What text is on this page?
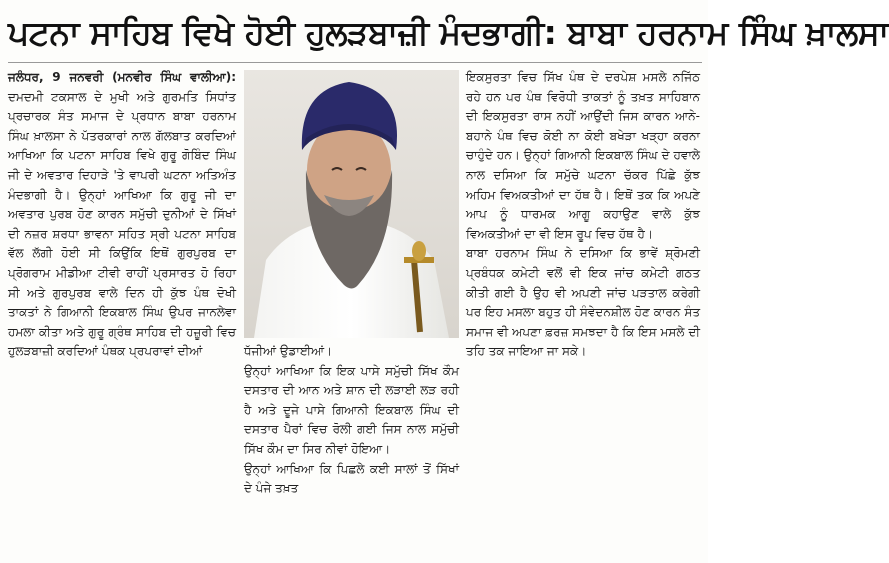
ਪਟਨਾ ਸਾਹਿਬ ਵਿਖੇ ਹੋਈ ਹੁਲੜਬਾਜ਼ੀ ਮੰਦਭਾਗੀ: ਬਾਬਾ ਹਰਨਾਮ ਸਿੰਘ ਖ਼ਾਲਸਾ

ਜਲੰਧਰ, 9 ਜਨਵਰੀ (ਮਨਵੀਰ ਸਿੰਘ ਵਾਲੀਆ): ਦਮਦਮੀ ਟਕਸਾਲ ਦੇ ਮੁਖੀ ਅਤੇ ਗੁਰਮਤਿ ਸਿਧਾਂਤ ਪ੍ਰਚਾਰਕ ਸੰਤ ਸਮਾਜ ਦੇ ਪ੍ਰਧਾਨ ਬਾਬਾ ਹਰਨਾਮ ਸਿੰਘ ਖ਼ਾਲਸਾ ਨੇ ਪੱਤਰਕਾਰਾਂ ਨਾਲ ਗੱਲਬਾਤ ਕਰਦਿਆਂ ਆਖਿਆ ਕਿ ਪਟਨਾ ਸਾਹਿਬ ਵਿਖੇ ਗੁਰੂ ਗੋਬਿੰਦ ਸਿੰਘ ਜੀ ਦੇ ਅਵਤਾਰ ਦਿਹਾੜੇ 'ਤੇ ਵਾਪਰੀ ਘਟਨਾ ਅਤਿਅੰਤ ਮੰਦਭਾਗੀ ਹੈ। ਉਨ੍ਹਾਂ ਆਖਿਆ ਕਿ ਗੁਰੂ ਜੀ ਦਾ ਅਵਤਾਰ ਪੁਰਬ ਹੋਣ ਕਾਰਨ ਸਮੁੱਚੀ ਦੁਨੀਆਂ ਦੇ ਸਿੱਖਾਂ ਦੀ ਨਜ਼ਰ ਸ਼ਰਧਾ ਭਾਵਨਾ ਸਹਿਤ ਸ੍ਰੀ ਪਟਨਾ ਸਾਹਿਬ ਵੱਲ ਲੱਗੀ ਹੋਈ ਸੀ ਕਿਉਂਕਿ ਇਥੋਂ ਗੁਰਪੁਰਬ ਦਾ ਪ੍ਰੋਗਰਾਮ ਮੀਡੀਆ ਟੀਵੀ ਰਾਹੀਂ ਪ੍ਰਸਾਰਤ ਹੋ ਰਿਹਾ ਸੀ ਅਤੇ ਗੁਰਪੁਰਬ ਵਾਲੇ ਦਿਨ ਹੀ ਕੁੱਝ ਪੰਥ ਦੋਖੀ ਤਾਕਤਾਂ ਨੇ ਗਿਆਨੀ ਇਕਬਾਲ ਸਿੰਘ ਉਪਰ ਜਾਨਲੇਵਾ ਹਮਲਾ ਕੀਤਾ ਅਤੇ ਗੁਰੂ ਗ੍ਰੰਥ ਸਾਹਿਬ ਦੀ ਹਜ਼ੂਰੀ ਵਿਚ ਹੁਲੜਬਾਜ਼ੀ ਕਰਦਿਆਂ ਪੰਥਕ ਪ੍ਰਪਰਾਵਾਂ ਦੀਆਂ	ਧੱਜੀਆਂ ਉਡਾਈਆਂ।

ਉਨ੍ਹਾਂ ਆਖਿਆ ਕਿ ਇਕ ਪਾਸੇ ਸਮੁੱਚੀ ਸਿੱਖ ਕੌਮ ਦਸਤਾਰ ਦੀ ਆਨ ਅਤੇ ਸ਼ਾਨ ਦੀ ਲੜਾਈ ਲੜ ਰਹੀ ਹੈ ਅਤੇ ਦੂਜੇ ਪਾਸੇ ਗਿਆਨੀ ਇਕਬਾਲ ਸਿੰਘ ਦੀ ਦਸਤਾਰ ਪੈਰਾਂ ਵਿਚ ਰੋਲੀ ਗਈ ਜਿਸ ਨਾਲ ਸਮੁੱਚੀ ਸਿੱਖ ਕੌਮ ਦਾ ਸਿਰ ਨੀਵਾਂ ਹੋਇਆ।

ਉਨ੍ਹਾਂ ਆਖਿਆ ਕਿ ਪਿਛਲੇ ਕਈ ਸਾਲਾਂ ਤੋਂ ਸਿੱਖਾਂ ਦੇ ਪੰਜੇ ਤਖ਼ਤ

ਇਕਸੁਰਤਾ ਵਿਚ ਸਿੱਖ ਪੰਥ ਦੇ ਦਰਪੇਸ਼ ਮਸਲੇ ਨਜਿੱਠ ਰਹੇ ਹਨ ਪਰ ਪੰਥ ਵਿਰੋਧੀ ਤਾਕਤਾਂ ਨੂੰ ਤਖ਼ਤ ਸਾਹਿਬਾਨ ਦੀ ਇਕਸੁਰਤਾ ਰਾਸ ਨਹੀਂ ਆਉਂਦੀ ਜਿਸ ਕਾਰਨ ਆਨੇ-ਬਹਾਨੇ ਪੰਥ ਵਿਚ ਕੋਈ ਨਾ ਕੋਈ ਬਖੇੜਾ ਖੜ੍ਹਾ ਕਰਨਾ ਚਾਹੁੰਦੇ ਹਨ। ਉਨ੍ਹਾਂ ਗਿਆਨੀ ਇਕਬਾਲ ਸਿੰਘ ਦੇ ਹਵਾਲੇ ਨਾਲ ਦਸਿਆ ਕਿ ਸਮੁੱਚੇ ਘਟਨਾ ਚੱਕਰ ਪਿੱਛੇ ਕੁੱਝ ਅਹਿਮ ਵਿਅਕਤੀਆਂ ਦਾ ਹੱਥ ਹੈ। ਇਥੋਂ ਤਕ ਕਿ ਅਪਣੇ ਆਪ ਨੂੰ ਧਾਰਮਕ ਆਗੂ ਕਹਾਉਣ ਵਾਲੇ ਕੁੱਝ ਵਿਅਕਤੀਆਂ ਦਾ ਵੀ ਇਸ ਰੂਪ ਵਿਚ ਹੱਥ ਹੈ।

ਬਾਬਾ ਹਰਨਾਮ ਸਿੰਘ ਨੇ ਦਸਿਆ ਕਿ ਭਾਵੇਂ ਸ਼੍ਰੋਮਣੀ ਪ੍ਰਬੰਧਕ ਕਮੇਟੀ ਵਲੋਂ ਵੀ ਇਕ ਜਾਂਚ ਕਮੇਟੀ ਗਠਤ ਕੀਤੀ ਗਈ ਹੈ ਉਹ ਵੀ ਅਪਣੀ ਜਾਂਚ ਪੜਤਾਲ ਕਰੇਗੀ ਪਰ ਇਹ ਮਸਲਾ ਬਹੁਤ ਹੀ ਸੰਵੇਦਨਸ਼ੀਲ ਹੋਣ ਕਾਰਨ ਸੰਤ ਸਮਾਜ ਵੀ ਅਪਣਾ ਫ਼ਰਜ਼ ਸਮਝਦਾ ਹੈ ਕਿ ਇਸ ਮਸਲੇ ਦੀ ਤਹਿ ਤਕ ਜਾਇਆ ਜਾ ਸਕੇ।
